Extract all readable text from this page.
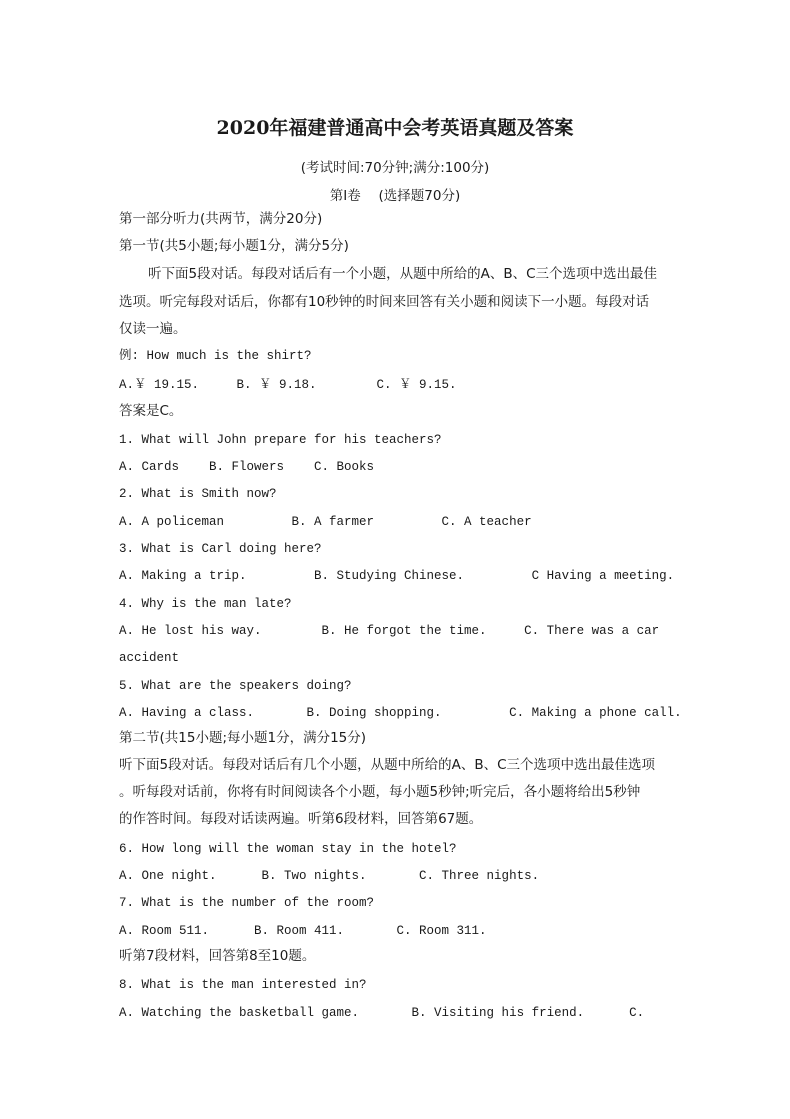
2020年福建普通高中会考英语真题及答案
(考试时间:70分钟;满分:100分)
第Ⅰ卷　 (选择题70分)
第一部分听力(共两节，满分20分)
第一节(共5小题;每小题1分，满分5分)
听下面5段对话。每段对话后有一个小题，从题中所给的A、B、C三个选项中选出最佳
选项。听完每段对话后，你都有10秒钟的时间来回答有关小题和阅读下一小题。每段对话
仅读一遍。
例: How much is the shirt?
A.￥ 19.15.     B. ￥ 9.18.        C. ￥ 9.15.
答案是C。
1. What will John prepare for his teachers?
A. Cards    B. Flowers    C. Books
2. What is Smith now?
A. A policeman         B. A farmer         C. A teacher
3. What is Carl doing here?
A. Making a trip.         B. Studying Chinese.         C Having a meeting.
4. Why is the man late?
A. He lost his way.        B. He forgot the time.     C. There was a car
accident
5. What are the speakers doing?
A. Having a class.       B. Doing shopping.         C. Making a phone call.
第二节(共15小题;每小题1分，满分15分)
听下面5段对话。每段对话后有几个小题，从题中所给的A、B、C三个选项中选出最佳选项
。听每段对话前，你将有时间阅读各个小题，每小题5秒钟;听完后，各小题将给出5秒钟
的作答时间。每段对话读两遍。听第6段材料，回答第67题。
6. How long will the woman stay in the hotel?
A. One night.      B. Two nights.       C. Three nights.
7. What is the number of the room?
A. Room 511.      B. Room 411.       C. Room 311.
听第7段材料，回答第8至10题。
8. What is the man interested in?
A. Watching the basketball game.       B. Visiting his friend.      C.
